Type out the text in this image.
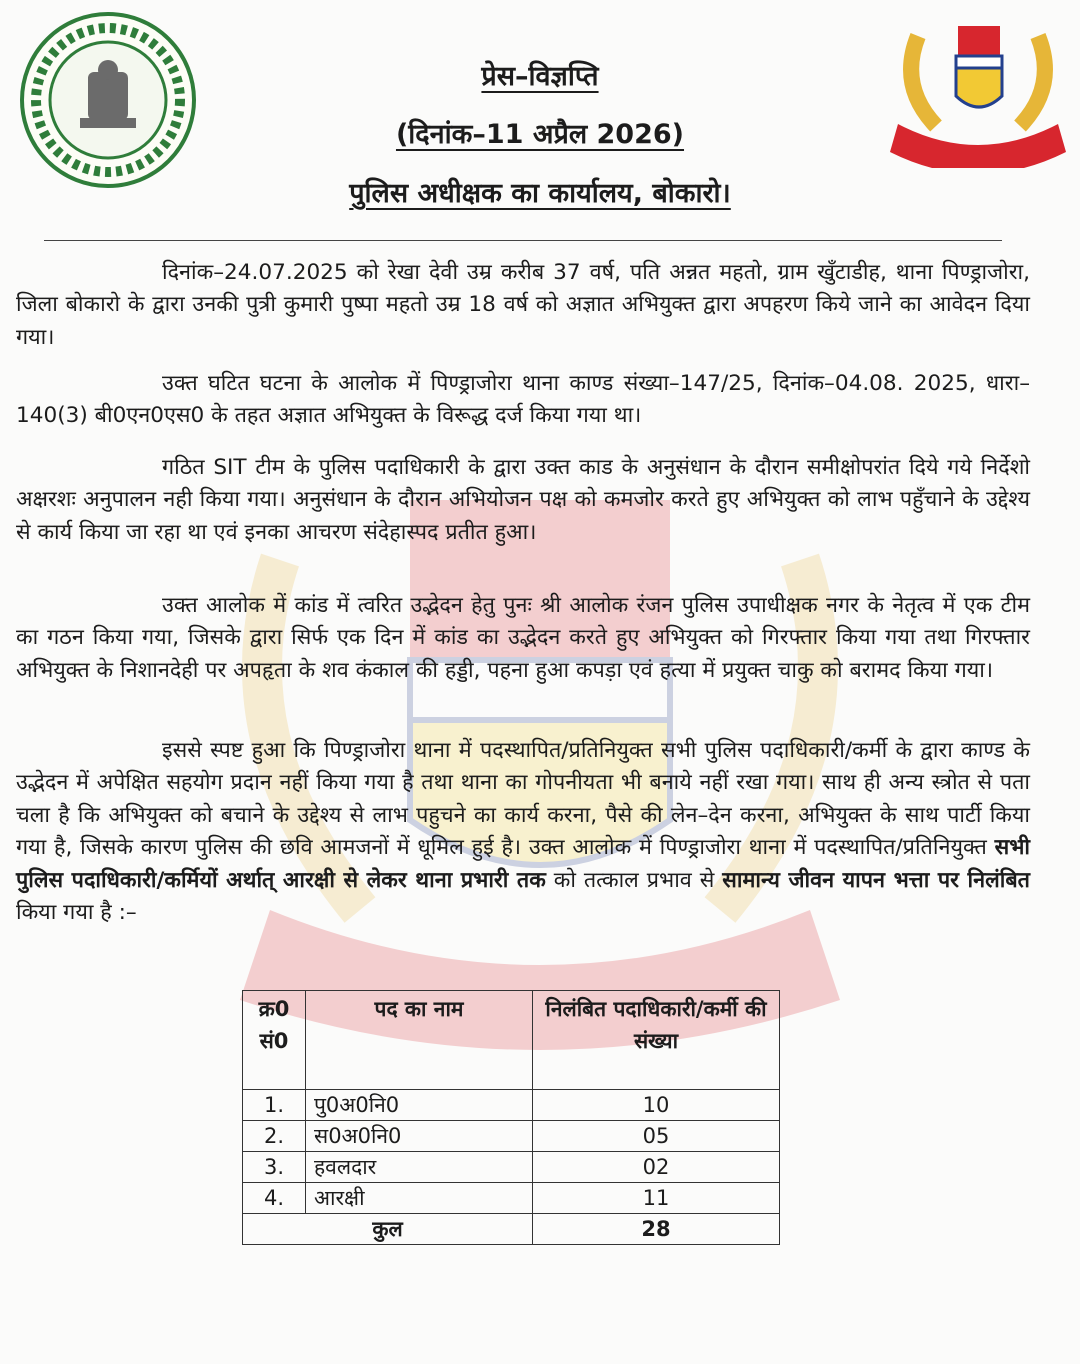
प्रेस–विज्ञप्ति
(दिनांक–11 अप्रैल 2026)
पुलिस अधीक्षक का कार्यालय, बोकारो।

दिनांक–24.07.2025 को रेखा देवी उम्र करीब 37 वर्ष, पति अन्नत महतो, ग्राम खुँटाडीह, थाना पिण्ड्राजोरा, जिला बोकारो के द्वारा उनकी पुत्री कुमारी पुष्पा महतो उम्र 18 वर्ष को अज्ञात अभियुक्त द्वारा अपहरण किये जाने का आवेदन दिया गया।

उक्त घटित घटना के आलोक में पिण्ड्राजोरा थाना काण्ड संख्या–147/25, दिनांक–04.08. 2025, धारा–140(3) बी0एन0एस0 के तहत अज्ञात अभियुक्त के विरूद्ध दर्ज किया गया था।

गठित SIT टीम के पुलिस पदाधिकारी के द्वारा उक्त काड के अनुसंधान के दौरान समीक्षोपरांत दिये गये निर्देशो अक्षरशः अनुपालन नही किया गया। अनुसंधान के दौरान अभियोजन पक्ष को कमजोर करते हुए अभियुक्त को लाभ पहुँचाने के उद्देश्य से कार्य किया जा रहा था एवं इनका आचरण संदेहास्पद प्रतीत हुआ।

उक्त आलोक में कांड में त्वरित उद्भेदन हेतु पुनः श्री आलोक रंजन पुलिस उपाधीक्षक नगर के नेतृत्व में एक टीम का गठन किया गया, जिसके द्वारा सिर्फ एक दिन में कांड का उद्भेदन करते हुए अभियुक्त को गिरफ्तार किया गया तथा गिरफ्तार अभियुक्त के निशानदेही पर अपहृता के शव कंकाल की हड्डी, पहना हुआ कपड़ा एवं हत्या में प्रयुक्त चाकु को बरामद किया गया।

इससे स्पष्ट हुआ कि पिण्ड्राजोरा थाना में पदस्थापित/प्रतिनियुक्त सभी पुलिस पदाधिकारी/कर्मी के द्वारा काण्ड के उद्भेदन में अपेक्षित सहयोग प्रदान नहीं किया गया है तथा थाना का गोपनीयता भी बनाये नहीं रखा गया। साथ ही अन्य स्त्रोत से पता चला है कि अभियुक्त को बचाने के उद्देश्य से लाभ पहुचने का कार्य करना, पैसे की लेन–देन करना, अभियुक्त के साथ पार्टी किया गया है, जिसके कारण पुलिस की छवि आमजनों में धूमिल हुई है। उक्त आलोक में पिण्ड्राजोरा थाना में पदस्थापित/प्रतिनियुक्त सभी पुलिस पदाधिकारी/कर्मियों अर्थात् आरक्षी से लेकर थाना प्रभारी तक को तत्काल प्रभाव से सामान्य जीवन यापन भत्ता पर निलंबित किया गया है :–

क्र0 सं0	पद का नाम	निलंबित पदाधिकारी/कर्मी की संख्या
1.	पु0अ0नि0	10
2.	स0अ0नि0	05
3.	हवलदार	02
4.	आरक्षी	11
कुल		28
